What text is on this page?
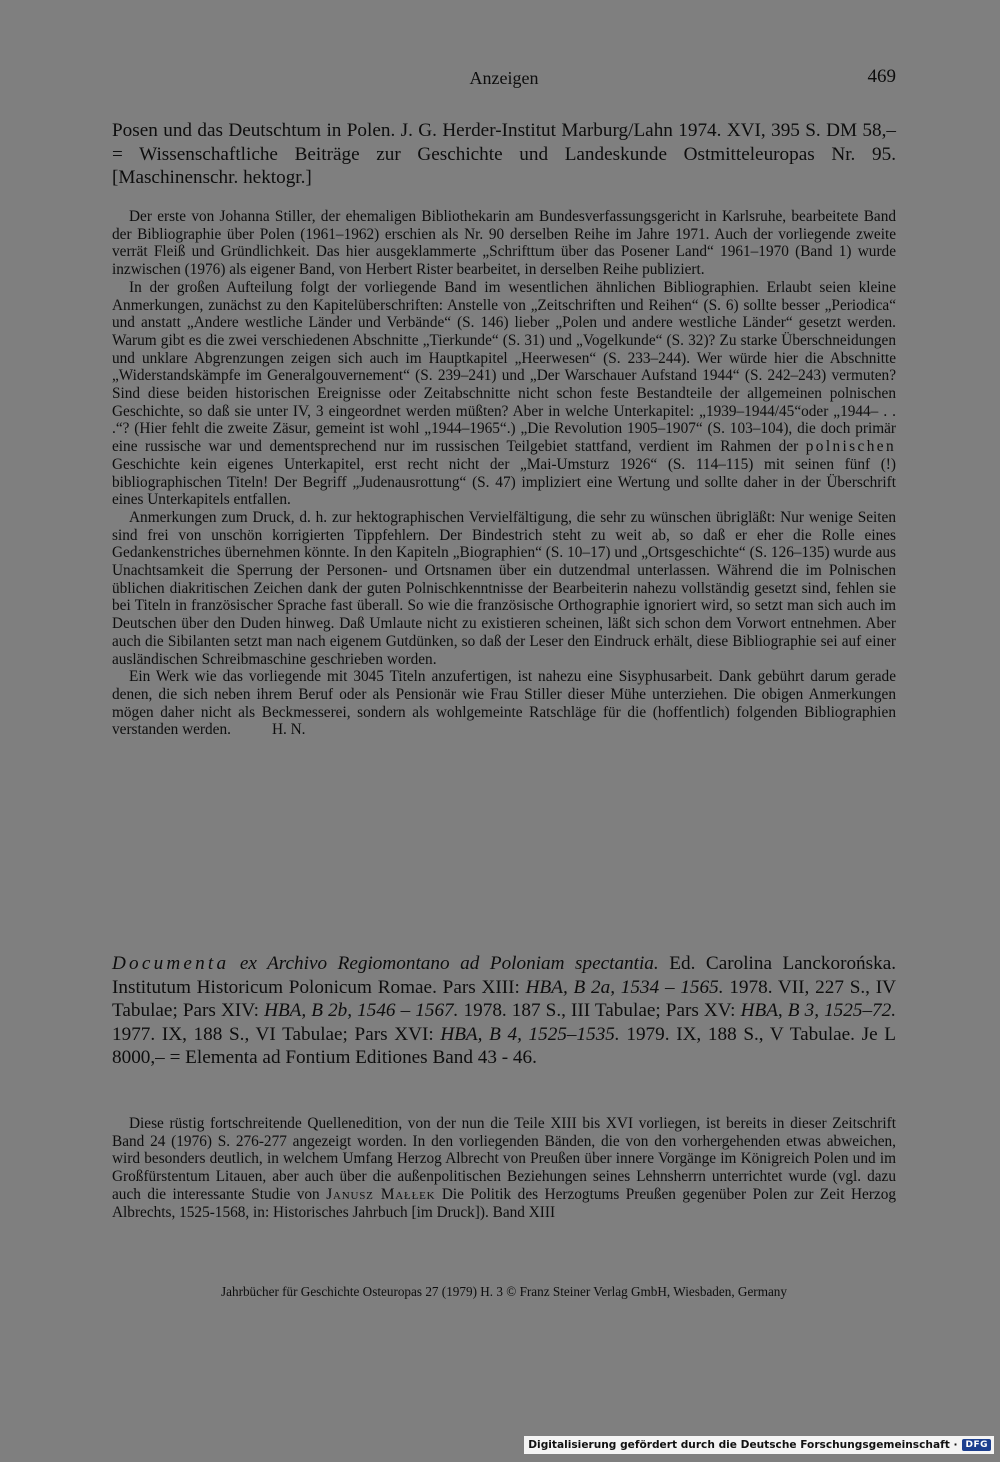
Anzeigen	469
Posen und das Deutschtum in Polen. J. G. Herder-Institut Marburg/Lahn 1974. XVI, 395 S. DM 58,– = Wissenschaftliche Beiträge zur Geschichte und Landeskunde Ostmitteleuropas Nr. 95. [Maschinenschr. hektogr.]

Der erste von Johanna Stiller, der ehemaligen Bibliothekarin am Bundesverfassungsgericht in Karlsruhe, bearbeitete Band der Bibliographie über Polen (1961–1962) erschien als Nr. 90 derselben Reihe im Jahre 1971. Auch der vorliegende zweite verrät Fleiß und Gründlichkeit. Das hier ausgeklammerte „Schrifttum über das Posener Land“ 1961–1970 (Band 1) wurde inzwischen (1976) als eigener Band, von Herbert Rister bearbeitet, in derselben Reihe publiziert.

In der großen Aufteilung folgt der vorliegende Band im wesentlichen ähnlichen Bibliographien. Erlaubt seien kleine Anmerkungen, zunächst zu den Kapitelüberschriften: Anstelle von „Zeitschriften und Reihen“ (S. 6) sollte besser „Periodica“ und anstatt „Andere westliche Länder und Verbände“ (S. 146) lieber „Polen und andere westliche Länder“ gesetzt werden. Warum gibt es die zwei verschiedenen Abschnitte „Tierkunde“ (S. 31) und „Vogelkunde“ (S. 32)? Zu starke Überschneidungen und unklare Abgrenzungen zeigen sich auch im Hauptkapitel „Heerwesen“ (S. 233–244). Wer würde hier die Abschnitte „Widerstandskämpfe im Generalgouvernement“ (S. 239–241) und „Der Warschauer Aufstand 1944“ (S. 242–243) vermuten? Sind diese beiden historischen Ereignisse oder Zeitabschnitte nicht schon feste Bestandteile der allgemeinen polnischen Geschichte, so daß sie unter IV, 3 eingeordnet werden müßten? Aber in welche Unterkapitel: „1939–1944/45“oder „1944– . . .“? (Hier fehlt die zweite Zäsur, gemeint ist wohl „1944–1965“.) „Die Revolution 1905–1907“ (S. 103–104), die doch primär eine russische war und dementsprechend nur im russischen Teilgebiet stattfand, verdient im Rahmen der polnischen Geschichte kein eigenes Unterkapitel, erst recht nicht der „Mai-Umsturz 1926“ (S. 114–115) mit seinen fünf (!) bibliographischen Titeln! Der Begriff „Judenausrottung“ (S. 47) impliziert eine Wertung und sollte daher in der Überschrift eines Unterkapitels entfallen.

Anmerkungen zum Druck, d. h. zur hektographischen Vervielfältigung, die sehr zu wünschen übrigläßt: Nur wenige Seiten sind frei von unschön korrigierten Tippfehlern. Der Bindestrich steht zu weit ab, so daß er eher die Rolle eines Gedankenstriches übernehmen könnte. In den Kapiteln „Biographien“ (S. 10–17) und „Ortsgeschichte“ (S. 126–135) wurde aus Unachtsamkeit die Sperrung der Personen- und Ortsnamen über ein dutzendmal unterlassen. Während die im Polnischen üblichen diakritischen Zeichen dank der guten Polnischkenntnisse der Bearbeiterin nahezu vollständig gesetzt sind, fehlen sie bei Titeln in französischer Sprache fast überall. So wie die französische Orthographie ignoriert wird, so setzt man sich auch im Deutschen über den Duden hinweg. Daß Umlaute nicht zu existieren scheinen, läßt sich schon dem Vorwort entnehmen. Aber auch die Sibilanten setzt man nach eigenem Gutdünken, so daß der Leser den Eindruck erhält, diese Bibliographie sei auf einer ausländischen Schreibmaschine geschrieben worden.

Ein Werk wie das vorliegende mit 3045 Titeln anzufertigen, ist nahezu eine Sisyphusarbeit. Dank gebührt darum gerade denen, die sich neben ihrem Beruf oder als Pensionär wie Frau Stiller dieser Mühe unterziehen. Die obigen Anmerkungen mögen daher nicht als Beckmesserei, sondern als wohlgemeinte Ratschläge für die (hoffentlich) folgenden Bibliographien verstanden werden.	H. N.

Documenta ex Archivo Regiomontano ad Poloniam spectantia. Ed. Carolina Lanckorońska. Institutum Historicum Polonicum Romae. Pars XIII: HBA, B 2a, 1534 – 1565. 1978. VII, 227 S., IV Tabulae; Pars XIV: HBA, B 2b, 1546 – 1567. 1978. 187 S., III Tabulae; Pars XV: HBA, B 3, 1525–72. 1977. IX, 188 S., VI Tabulae; Pars XVI: HBA, B 4, 1525–1535. 1979. IX, 188 S., V Tabulae. Je L 8000,– = Elementa ad Fontium Editiones Band 43 - 46.

Diese rüstig fortschreitende Quellenedition, von der nun die Teile XIII bis XVI vorliegen, ist bereits in dieser Zeitschrift Band 24 (1976) S. 276-277 angezeigt worden. In den vorliegenden Bänden, die von den vorhergehenden etwas abweichen, wird besonders deutlich, in welchem Umfang Herzog Albrecht von Preußen über innere Vorgänge im Königreich Polen und im Großfürstentum Litauen, aber auch über die außenpolitischen Beziehungen seines Lehnsherrn unterrichtet wurde (vgl. dazu auch die interessante Studie von Janusz Małłek Die Politik des Herzogtums Preußen gegenüber Polen zur Zeit Herzog Albrechts, 1525-1568, in: Historisches Jahrbuch [im Druck]). Band XIII

Jahrbücher für Geschichte Osteuropas 27 (1979) H. 3 © Franz Steiner Verlag GmbH, Wiesbaden, Germany
Digitalisierung gefördert durch die Deutsche Forschungsgemeinschaft · DFG
